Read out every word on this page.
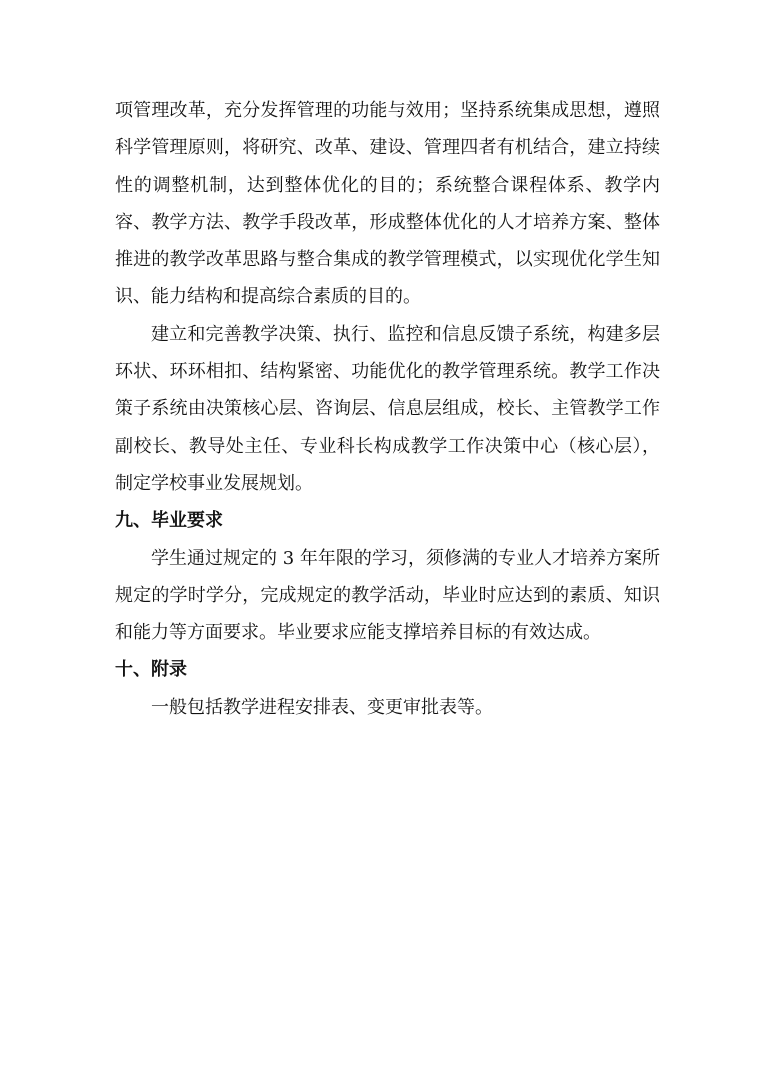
项管理改革，充分发挥管理的功能与效用；坚持系统集成思想，遵照科学管理原则，将研究、改革、建设、管理四者有机结合，建立持续性的调整机制，达到整体优化的目的；系统整合课程体系、教学内容、教学方法、教学手段改革，形成整体优化的人才培养方案、整体推进的教学改革思路与整合集成的教学管理模式，以实现优化学生知识、能力结构和提高综合素质的目的。

建立和完善教学决策、执行、监控和信息反馈子系统，构建多层环状、环环相扣、结构紧密、功能优化的教学管理系统。教学工作决策子系统由决策核心层、咨询层、信息层组成，校长、主管教学工作副校长、教导处主任、专业科长构成教学工作决策中心（核心层），制定学校事业发展规划。

九、毕业要求

学生通过规定的 3 年年限的学习，须修满的专业人才培养方案所规定的学时学分，完成规定的教学活动，毕业时应达到的素质、知识和能力等方面要求。毕业要求应能支撑培养目标的有效达成。

十、附录

一般包括教学进程安排表、变更审批表等。
